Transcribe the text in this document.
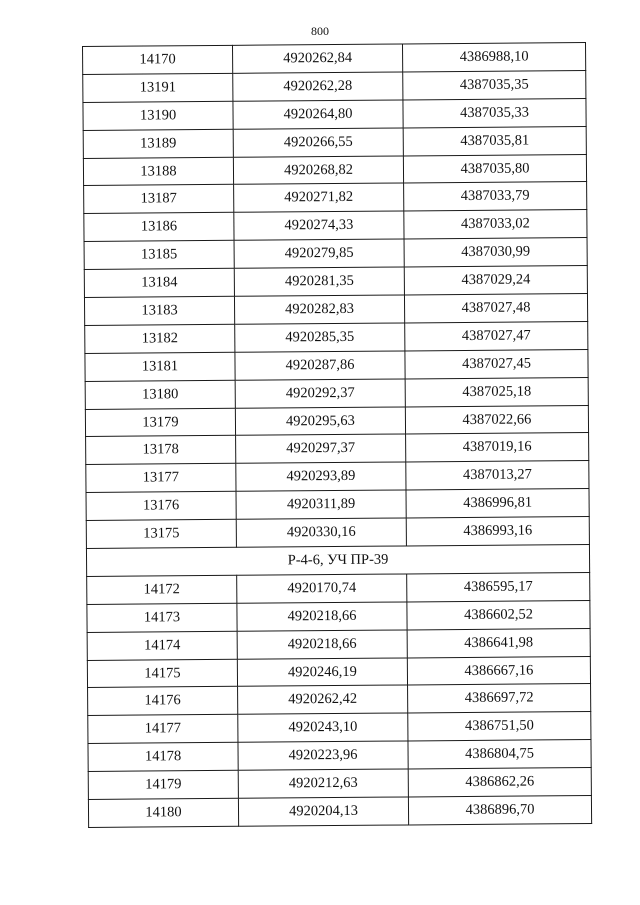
800
14170	4920262,84	4386988,10
13191	4920262,28	4387035,35
13190	4920264,80	4387035,33
13189	4920266,55	4387035,81
13188	4920268,82	4387035,80
13187	4920271,82	4387033,79
13186	4920274,33	4387033,02
13185	4920279,85	4387030,99
13184	4920281,35	4387029,24
13183	4920282,83	4387027,48
13182	4920285,35	4387027,47
13181	4920287,86	4387027,45
13180	4920292,37	4387025,18
13179	4920295,63	4387022,66
13178	4920297,37	4387019,16
13177	4920293,89	4387013,27
13176	4920311,89	4386996,81
13175	4920330,16	4386993,16
Р-4-6, УЧ ПР-39		
14172	4920170,74	4386595,17
14173	4920218,66	4386602,52
14174	4920218,66	4386641,98
14175	4920246,19	4386667,16
14176	4920262,42	4386697,72
14177	4920243,10	4386751,50
14178	4920223,96	4386804,75
14179	4920212,63	4386862,26
14180	4920204,13	4386896,70
